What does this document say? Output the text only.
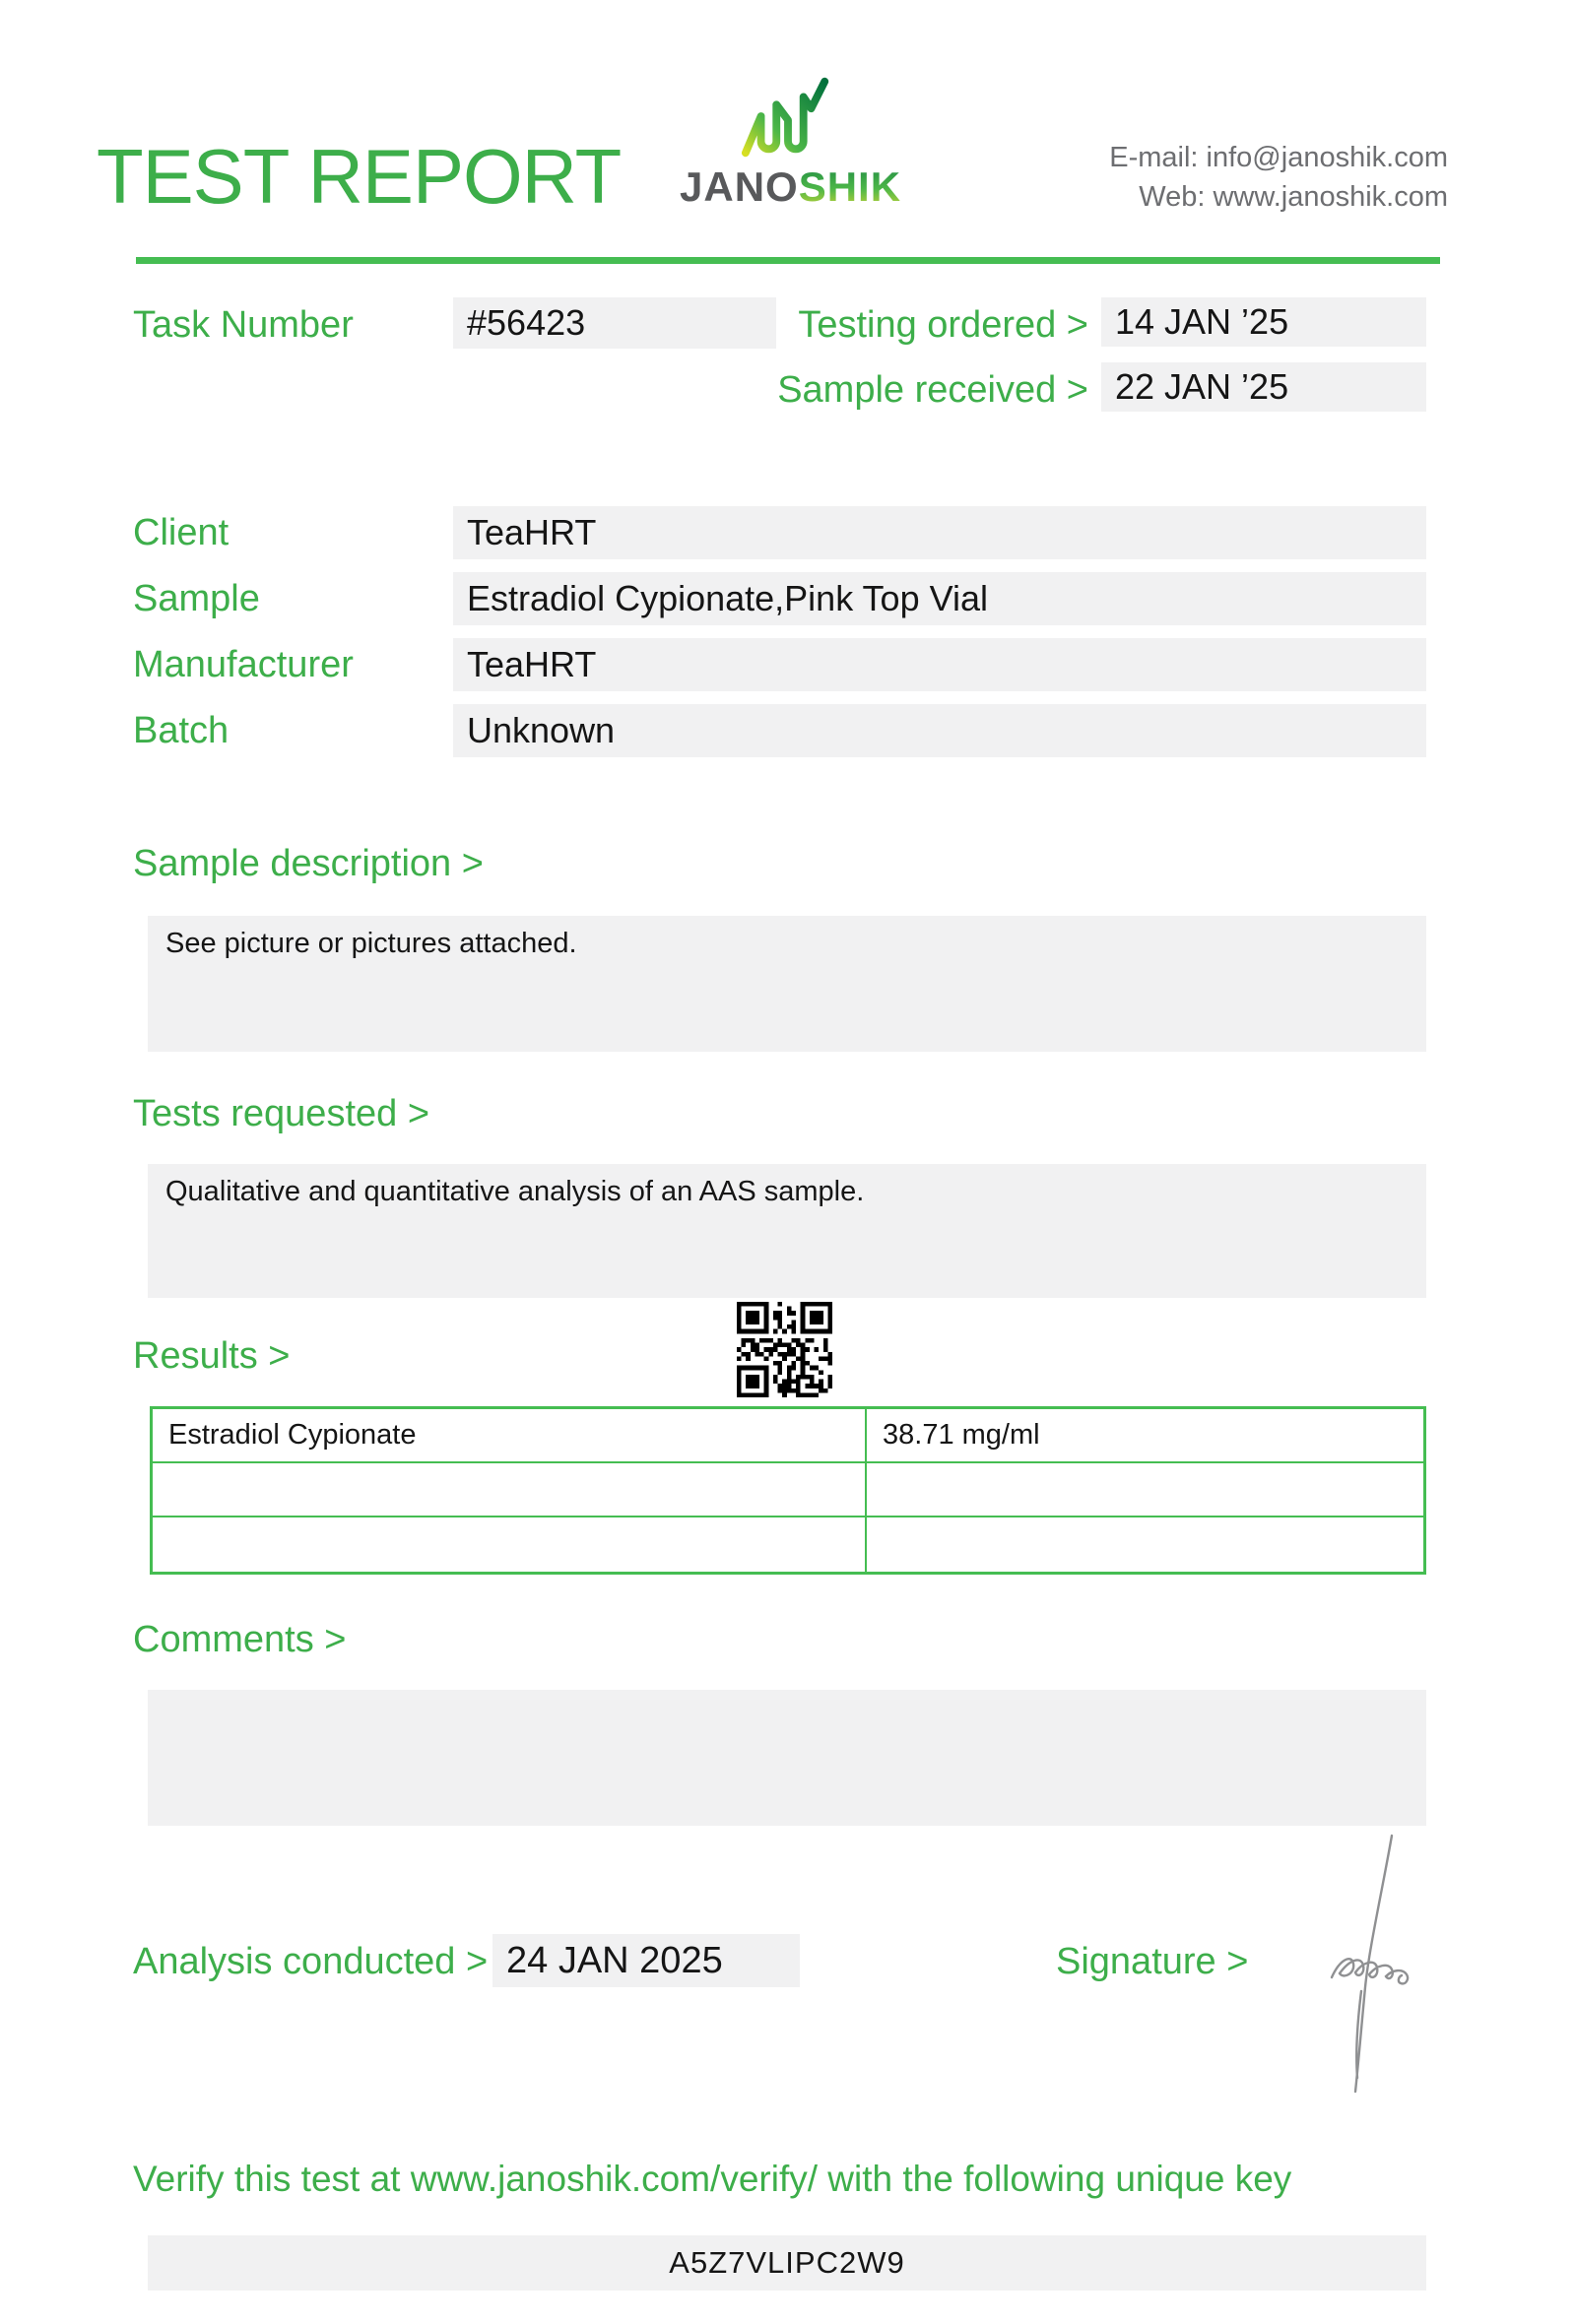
TEST REPORT JANOSHIK
E-mail: info@janoshik.com
Web: www.janoshik.com
Task Number	#56423	Testing ordered > 14 JAN ’25
Sample received > 22 JAN ’25
Client	TeaHRT
Sample	Estradiol Cypionate,Pink Top Vial
Manufacturer	TeaHRT
Batch	Unknown
Sample description >
See picture or pictures attached.
Tests requested >
Qualitative and quantitative analysis of an AAS sample.
Results >
Estradiol Cypionate	38.71 mg/ml
Comments >
Analysis conducted > 24 JAN 2025	Signature >
Verify this test at www.janoshik.com/verify/ with the following unique key
A5Z7VLIPC2W9
